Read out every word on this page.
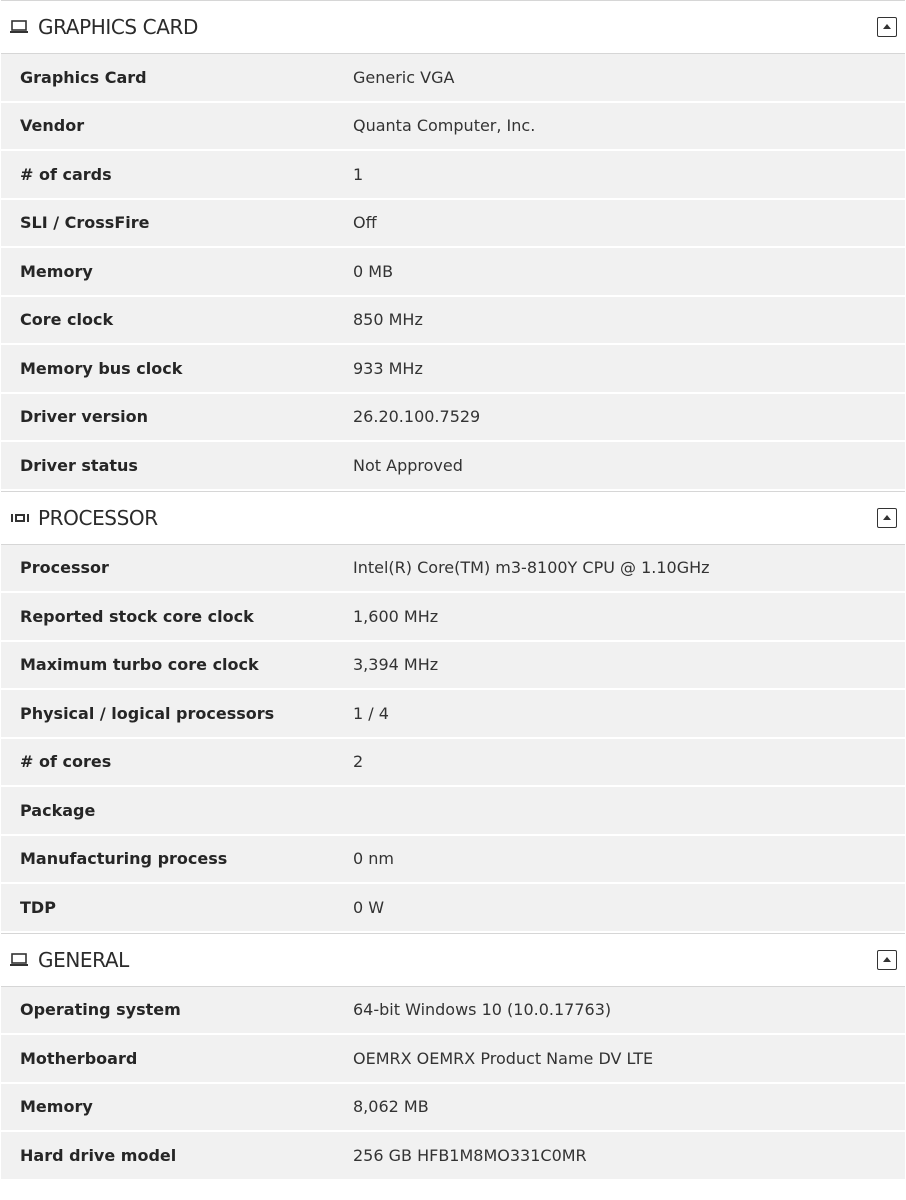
GRAPHICS CARD
Graphics Card	Generic VGA
Vendor	Quanta Computer, Inc.
# of cards	1
SLI / CrossFire	Off
Memory	0 MB
Core clock	850 MHz
Memory bus clock	933 MHz
Driver version	26.20.100.7529
Driver status	Not Approved
PROCESSOR
Processor	Intel(R) Core(TM) m3-8100Y CPU @ 1.10GHz
Reported stock core clock	1,600 MHz
Maximum turbo core clock	3,394 MHz
Physical / logical processors	1 / 4
# of cores	2
Package
Manufacturing process	0 nm
TDP	0 W
GENERAL
Operating system	64-bit Windows 10 (10.0.17763)
Motherboard	OEMRX OEMRX Product Name DV LTE
Memory	8,062 MB
Hard drive model	256 GB HFB1M8MO331C0MR
